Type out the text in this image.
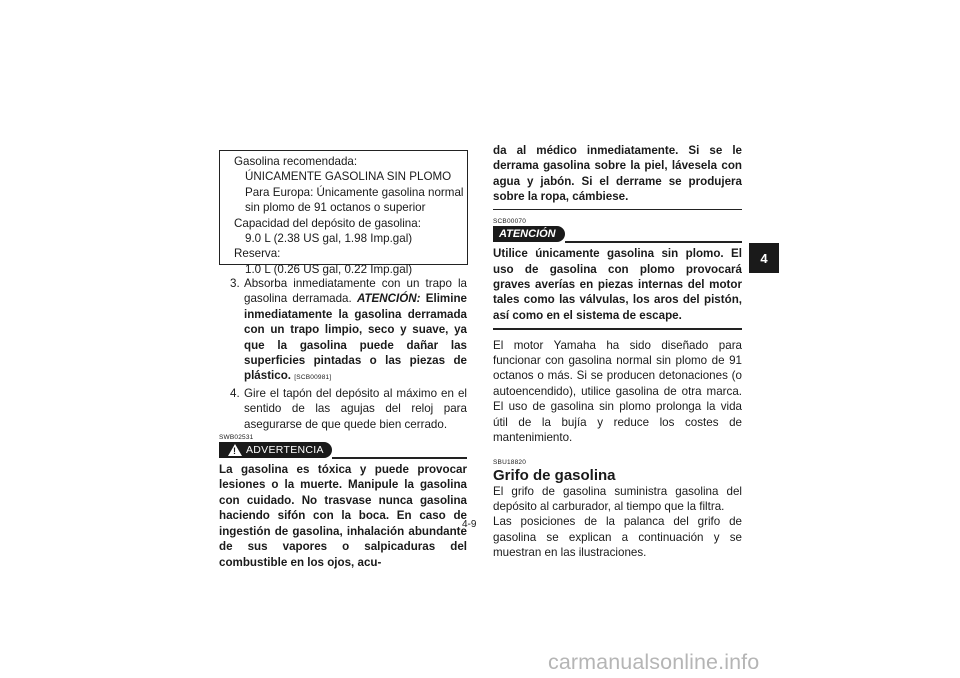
Gasolina recomendada:
ÚNICAMENTE GASOLINA SIN PLOMO
Para Europa: Únicamente gasolina normal
sin plomo de 91 octanos o superior
Capacidad del depósito de gasolina:
9.0 L (2.38 US gal, 1.98 Imp.gal)
Reserva:
1.0 L (0.26 US gal, 0.22 Imp.gal)
3. Absorba inmediatamente con un trapo la gasolina derramada. ATENCIÓN: Elimine inmediatamente la gasolina derramada con un trapo limpio, seco y suave, ya que la gasolina puede dañar las superficies pintadas o las piezas de plástico. [SCB00981]
4. Gire el tapón del depósito al máximo en el sentido de las agujas del reloj para asegurarse de que quede bien cerrado.
SWB02531
! ADVERTENCIA
La gasolina es tóxica y puede provocar lesiones o la muerte. Manipule la gasolina con cuidado. No trasvase nunca gasolina haciendo sifón con la boca. En caso de ingestión de gasolina, inhalación abundante de sus vapores o salpicaduras del combustible en los ojos, acu-
da al médico inmediatamente. Si se le derrama gasolina sobre la piel, lávesela con agua y jabón. Si el derrame se produjera sobre la ropa, cámbiese.
SCB00070
ATENCIÓN
Utilice únicamente gasolina sin plomo. El uso de gasolina con plomo provocará graves averías en piezas internas del motor tales como las válvulas, los aros del pistón, así como en el sistema de escape.
El motor Yamaha ha sido diseñado para funcionar con gasolina normal sin plomo de 91 octanos o más. Si se producen detonaciones (o autoencendido), utilice gasolina de otra marca. El uso de gasolina sin plomo prolonga la vida útil de la bujía y reduce los costes de mantenimiento.
SBU18820
Grifo de gasolina
El grifo de gasolina suministra gasolina del depósito al carburador, al tiempo que la filtra.
Las posiciones de la palanca del grifo de gasolina se explican a continuación y se muestran en las ilustraciones.
4
4-9
carmanualsonline.info
